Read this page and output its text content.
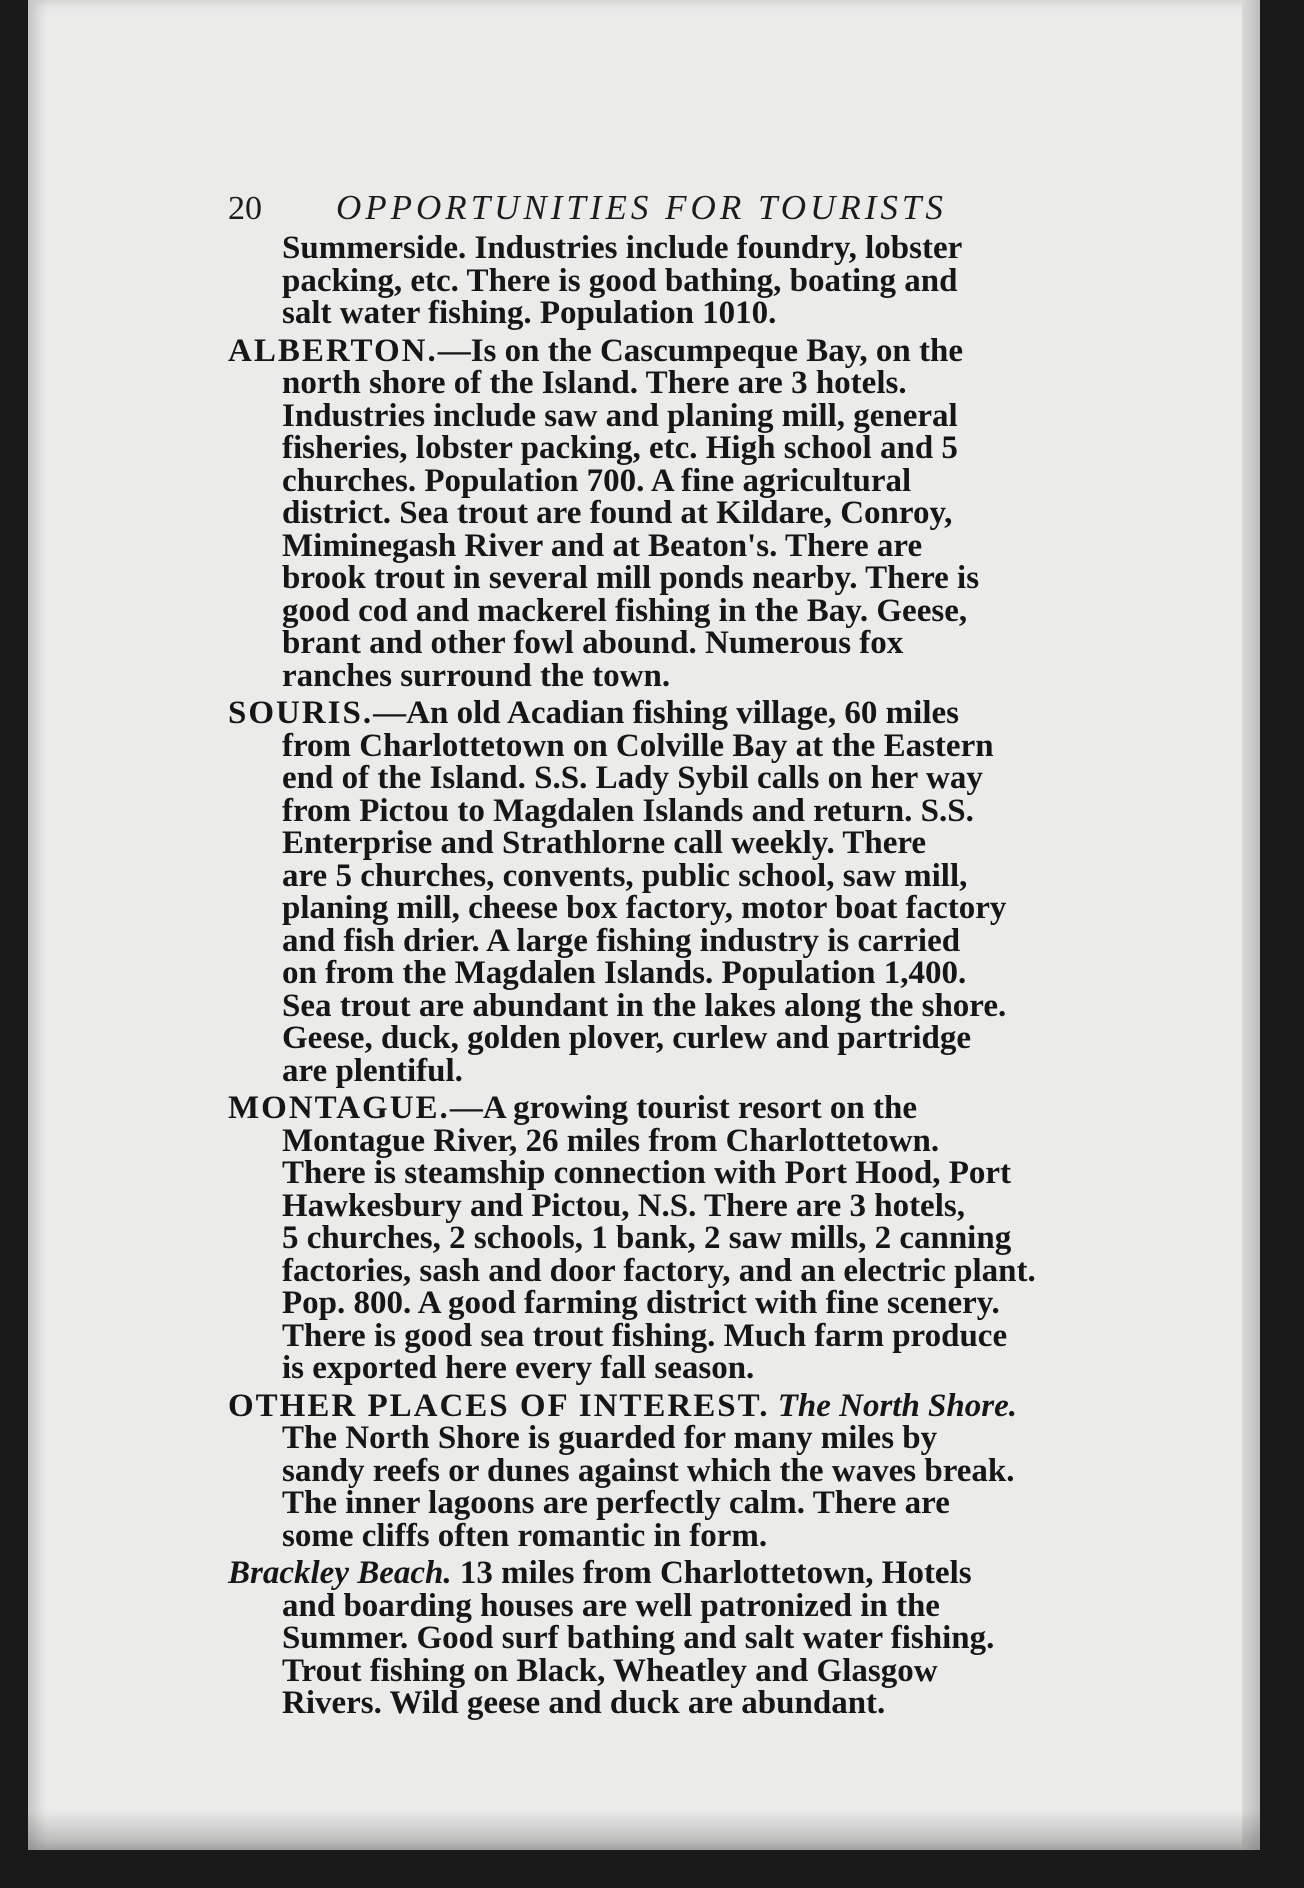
20	OPPORTUNITIES FOR TOURISTS

Summerside. Industries include foundry, lobster
packing, etc. There is good bathing, boating and
salt water fishing. Population 1010.

ALBERTON.—Is on the Cascumpeque Bay, on the
north shore of the Island. There are 3 hotels.
Industries include saw and planing mill, general
fisheries, lobster packing, etc. High school and 5
churches. Population 700. A fine agricultural
district. Sea trout are found at Kildare, Conroy,
Miminegash River and at Beaton's. There are
brook trout in several mill ponds nearby. There is
good cod and mackerel fishing in the Bay. Geese,
brant and other fowl abound. Numerous fox
ranches surround the town.

SOURIS.—An old Acadian fishing village, 60 miles
from Charlottetown on Colville Bay at the Eastern
end of the Island. S.S. Lady Sybil calls on her way
from Pictou to Magdalen Islands and return. S.S.
Enterprise and Strathlorne call weekly. There
are 5 churches, convents, public school, saw mill,
planing mill, cheese box factory, motor boat factory
and fish drier. A large fishing industry is carried
on from the Magdalen Islands. Population 1,400.
Sea trout are abundant in the lakes along the shore.
Geese, duck, golden plover, curlew and partridge
are plentiful.

MONTAGUE.—A growing tourist resort on the
Montague River, 26 miles from Charlottetown.
There is steamship connection with Port Hood, Port
Hawkesbury and Pictou, N.S. There are 3 hotels,
5 churches, 2 schools, 1 bank, 2 saw mills, 2 canning
factories, sash and door factory, and an electric plant.
Pop. 800. A good farming district with fine scenery.
There is good sea trout fishing. Much farm produce
is exported here every fall season.

OTHER PLACES OF INTEREST. The North Shore.
The North Shore is guarded for many miles by
sandy reefs or dunes against which the waves break.
The inner lagoons are perfectly calm. There are
some cliffs often romantic in form.

Brackley Beach. 13 miles from Charlottetown, Hotels
and boarding houses are well patronized in the
Summer. Good surf bathing and salt water fishing.
Trout fishing on Black, Wheatley and Glasgow
Rivers. Wild geese and duck are abundant.
